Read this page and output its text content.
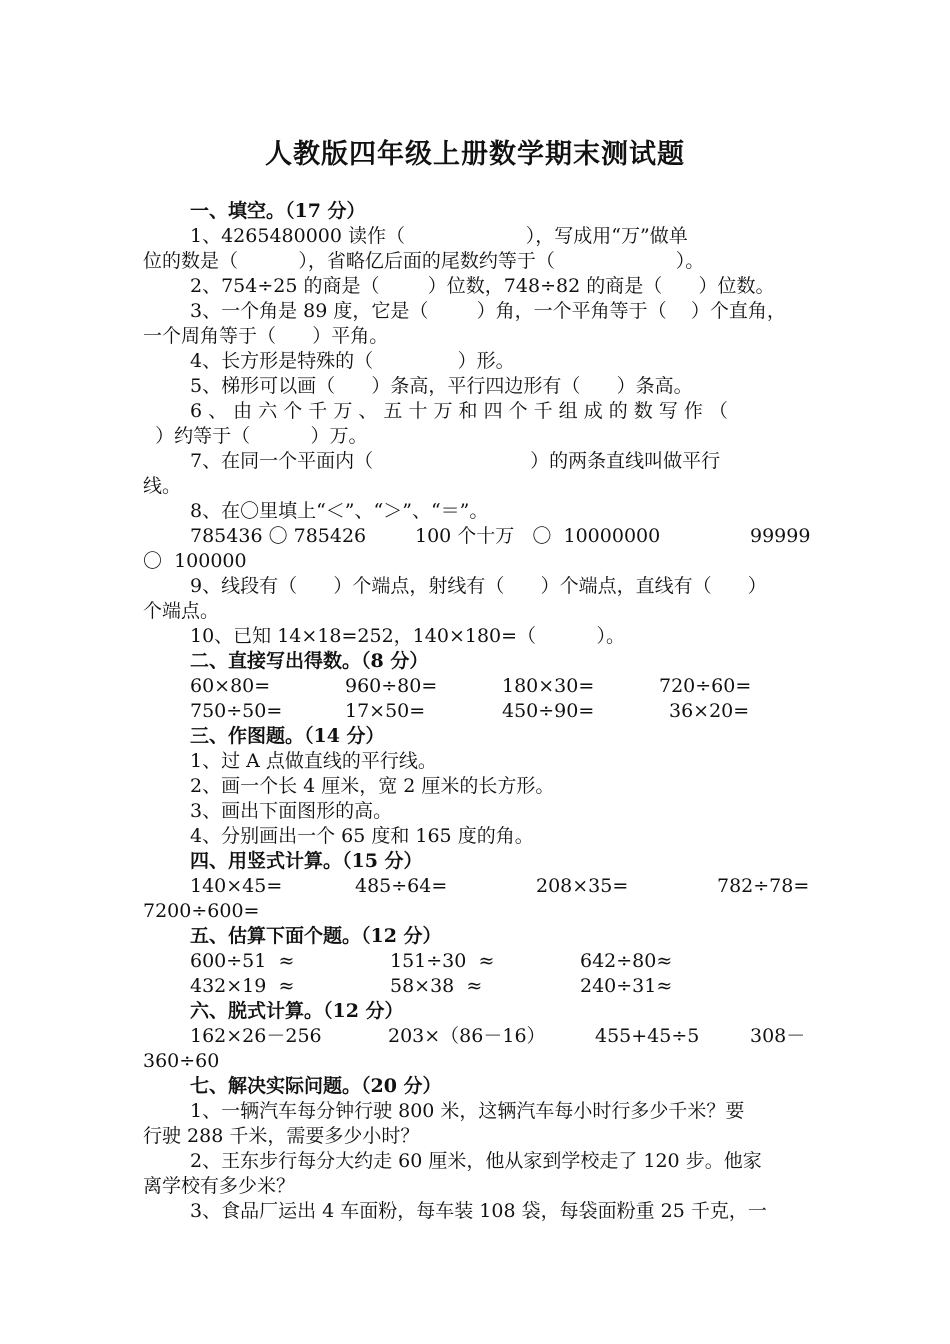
人教版四年级上册数学期末测试题
一、填空。（17 分）
1、4265480000 读作（                    ），写成用“万”做单
位的数是（          ），省略亿后面的尾数约等于（                    ）。
2、754÷25 的商是（        ）位数，748÷82 的商是（      ）位数。
3、一个角是 89 度，它是（        ）角，一个平角等于（    ）个直角，
一个周角等于（      ）平角。
4、长方形是特殊的（              ）形。
5、梯形可以画（      ）条高，平行四边形有（      ）条高。
6 、 由 六 个 千 万 、 五 十 万 和 四 个 千 组 成 的 数 写 作 （
）约等于（          ）万。
7、在同一个平面内（                          ）的两条直线叫做平行
线。
8、在〇里填上“＜”、“＞”、“＝”。
785436 〇 785426	100 个十万   〇  10000000	99999
〇  100000
9、线段有（      ）个端点，射线有（      ）个端点，直线有（      ）
个端点。
10、已知 14×18=252，140×180=（          ）。
二、直接写出得数。（8 分）
60×80=	960÷80=	180×30=	720÷60=
750÷50=	17×50=	450÷90=	36×20=
三、作图题。（14 分）
1、过 A 点做直线的平行线。
2、画一个长 4 厘米，宽 2 厘米的长方形。
3、画出下面图形的高。
4、分别画出一个 65 度和 165 度的角。
四、用竖式计算。（15 分）
140×45=	485÷64=	208×35=	782÷78=
7200÷600=
五、估算下面个题。（12 分）
600÷51  ≈	151÷30  ≈	642÷80≈
432×19  ≈	58×38  ≈	240÷31≈
六、脱式计算。（12 分）
162×26－256	203×（86－16）	455+45÷5	308－
360÷60
七、解决实际问题。（20 分）
1、一辆汽车每分钟行驶 800 米，这辆汽车每小时行多少千米？要
行驶 288 千米，需要多少小时？
2、王东步行每分大约走 60 厘米，他从家到学校走了 120 步。他家
离学校有多少米？
3、食品厂运出 4 车面粉，每车装 108 袋，每袋面粉重 25 千克，一
